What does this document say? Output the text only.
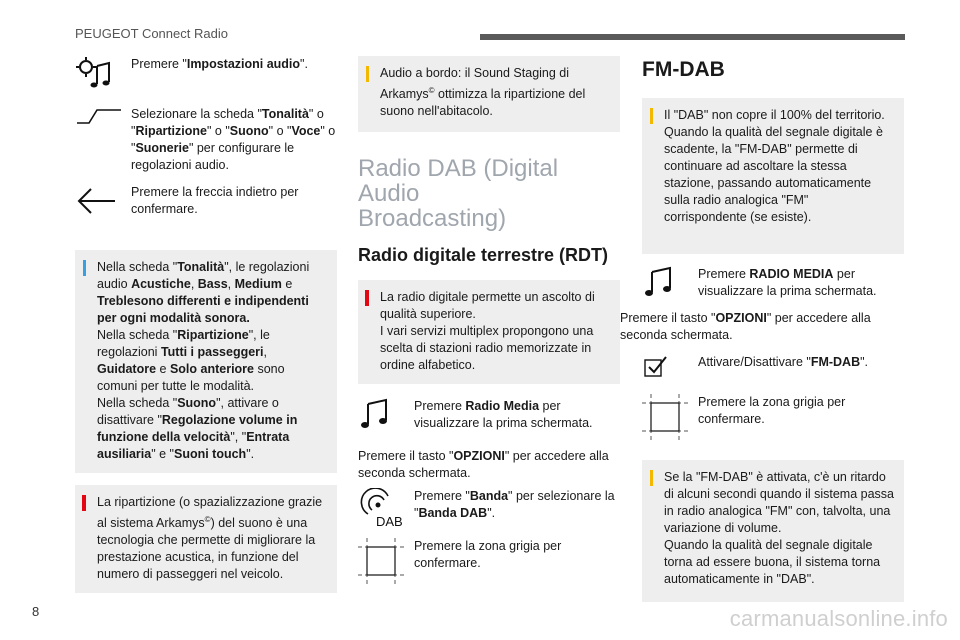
PEUGEOT Connect Radio
Premere "Impostazioni audio".
Selezionare la scheda "Tonalità" o "Ripartizione" o "Suono" o "Voce" o "Suonerie" per configurare le regolazioni audio.
Premere la freccia indietro per confermare.
Nella scheda "Tonalità", le regolazioni audio Acustiche, Bass, Medium e
Treblesono differenti e indipendenti per ogni modalità sonora.
Nella scheda "Ripartizione", le regolazioni Tutti i passeggeri, Guidatore e Solo anteriore sono comuni per tutte le modalità.
Nella scheda "Suono", attivare o disattivare "Regolazione volume in funzione della velocità", "Entrata ausiliaria" e "Suoni touch".
La ripartizione (o spazializzazione grazie al sistema Arkamys©) del suono è una tecnologia che permette di migliorare la prestazione acustica, in funzione del numero di passeggeri nel veicolo.
Audio a bordo: il Sound Staging di Arkamys© ottimizza la ripartizione del suono nell'abitacolo.
Radio DAB (Digital Audio
Broadcasting)
Radio digitale terrestre (RDT)
La radio digitale permette un ascolto di qualità superiore.
I vari servizi multiplex propongono una scelta di stazioni radio memorizzate in ordine alfabetico.
Premere Radio Media per visualizzare la prima schermata.
Premere il tasto "OPZIONI" per accedere alla seconda schermata.
DAB
Premere "Banda" per selezionare la "Banda DAB".
Premere la zona grigia per confermare.
FM-DAB
Il "DAB" non copre il 100% del territorio. Quando la qualità del segnale digitale è scadente, la "FM-DAB" permette di continuare ad ascoltare la stessa stazione, passando automaticamente sulla radio analogica "FM" corrispondente (se esiste).
Premere RADIO MEDIA per visualizzare la prima schermata.
Premere il tasto "OPZIONI" per accedere alla seconda schermata.
Attivare/Disattivare "FM-DAB".
Premere la zona grigia per confermare.
Se la "FM-DAB" è attivata, c'è un ritardo di alcuni secondi quando il sistema passa in radio analogica "FM" con, talvolta, una variazione di volume.
Quando la qualità del segnale digitale torna ad essere buona, il sistema torna automaticamente in "DAB".
8	carmanualsonline.info
